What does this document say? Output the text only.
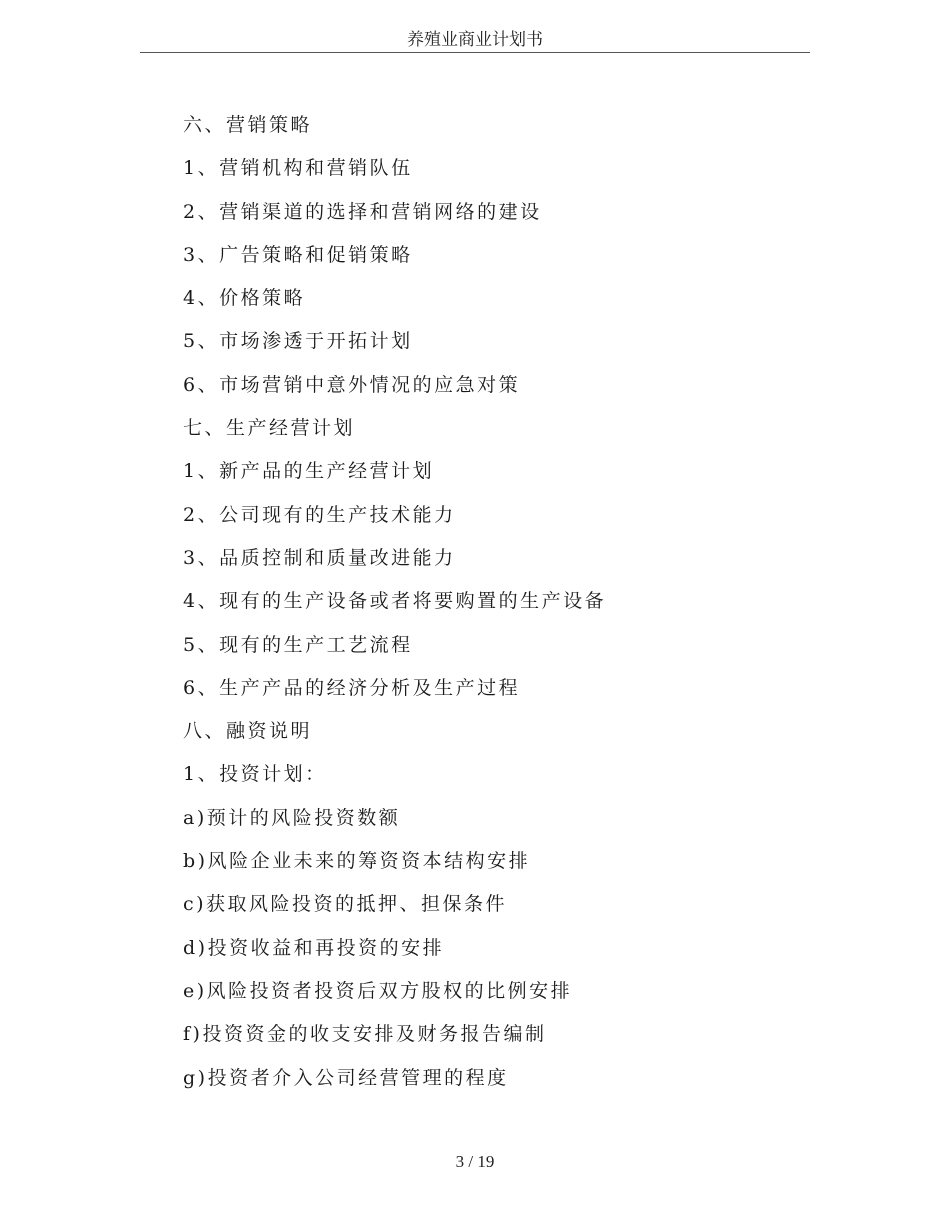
养殖业商业计划书
六、营销策略
1、营销机构和营销队伍
2、营销渠道的选择和营销网络的建设
3、广告策略和促销策略
4、价格策略
5、市场渗透于开拓计划
6、市场营销中意外情况的应急对策
七、生产经营计划
1、新产品的生产经营计划
2、公司现有的生产技术能力
3、品质控制和质量改进能力
4、现有的生产设备或者将要购置的生产设备
5、现有的生产工艺流程
6、生产产品的经济分析及生产过程
八、融资说明
1、投资计划：
a)预计的风险投资数额
b)风险企业未来的筹资资本结构安排
c)获取风险投资的抵押、担保条件
d)投资收益和再投资的安排
e)风险投资者投资后双方股权的比例安排
f)投资资金的收支安排及财务报告编制
g)投资者介入公司经营管理的程度
3 / 19
